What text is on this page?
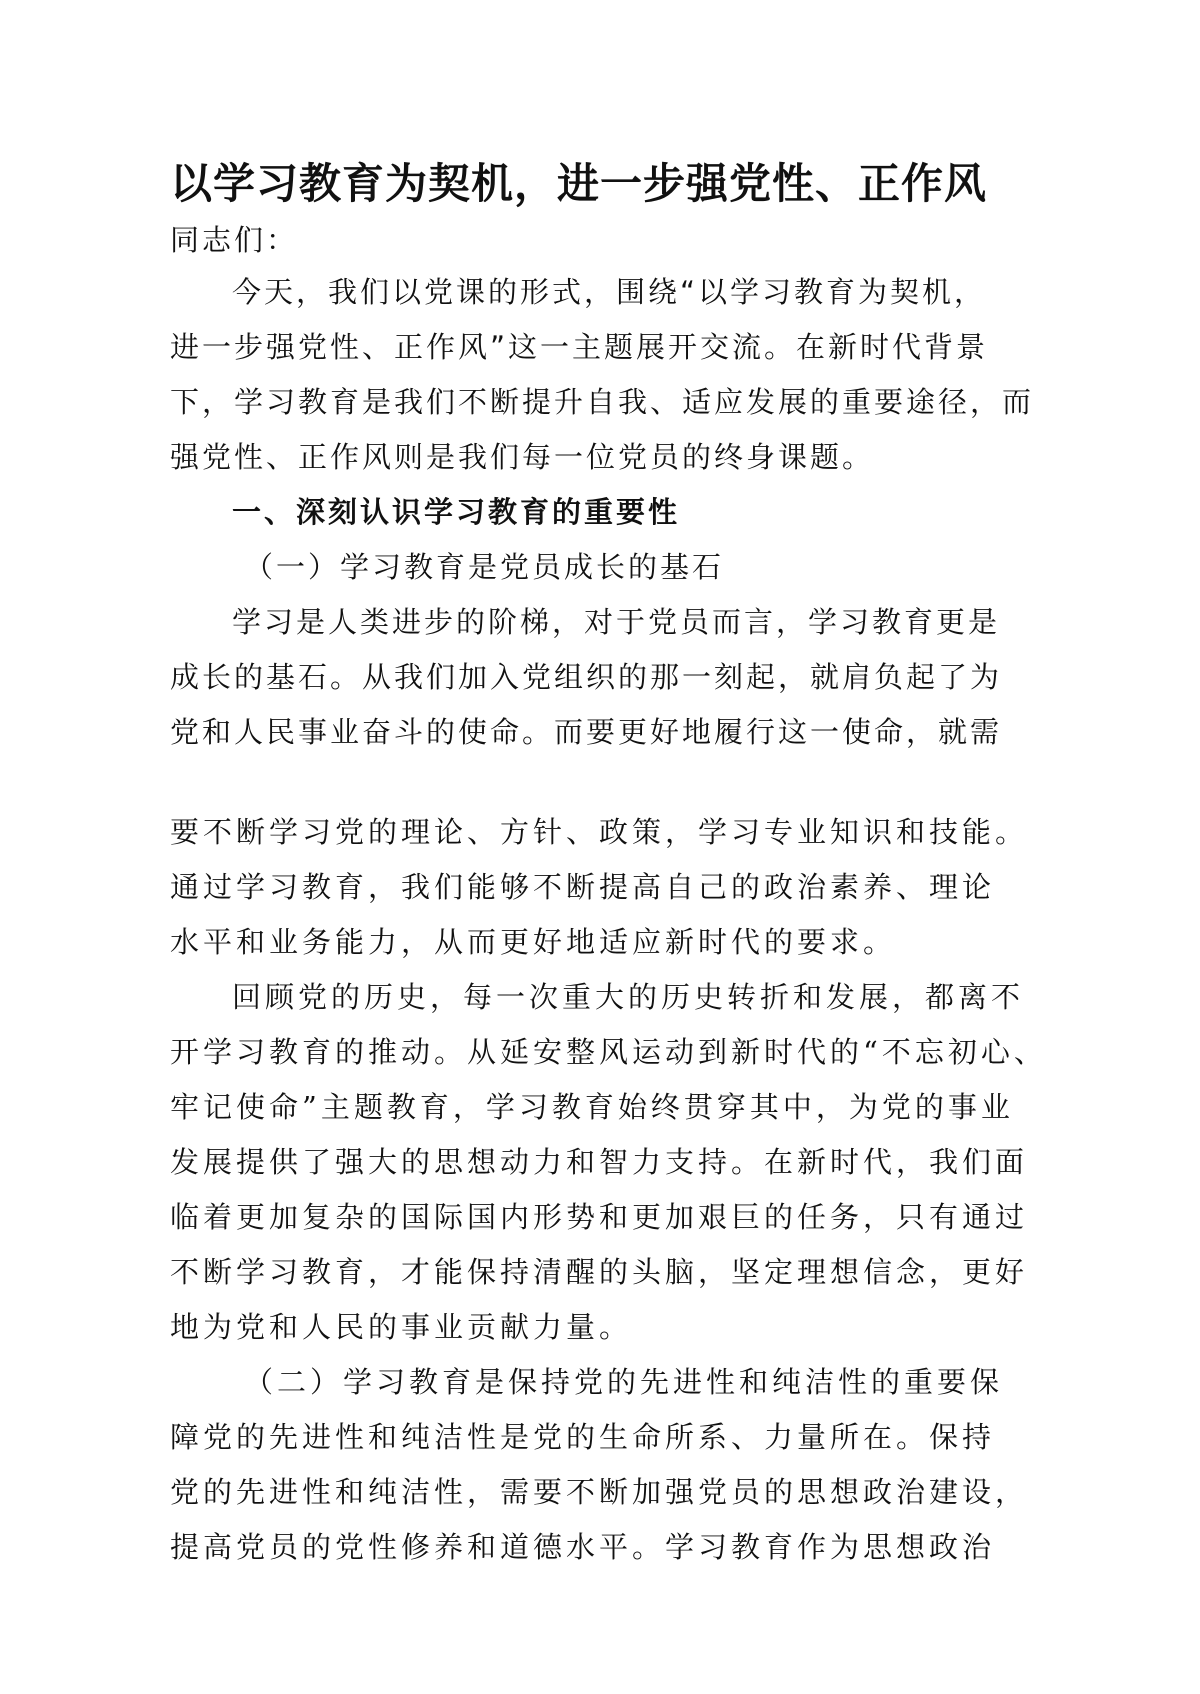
以学习教育为契机，进一步强党性、正作风
同志们：
今天，我们以党课的形式，围绕“以学习教育为契机，
进一步强党性、正作风”这一主题展开交流。在新时代背景
下，学习教育是我们不断提升自我、适应发展的重要途径，而
强党性、正作风则是我们每一位党员的终身课题。
一、深刻认识学习教育的重要性
（一）学习教育是党员成长的基石
学习是人类进步的阶梯，对于党员而言，学习教育更是
成长的基石。从我们加入党组织的那一刻起，就肩负起了为
党和人民事业奋斗的使命。而要更好地履行这一使命，就需
要不断学习党的理论、方针、政策，学习专业知识和技能。
通过学习教育，我们能够不断提高自己的政治素养、理论
水平和业务能力，从而更好地适应新时代的要求。
回顾党的历史，每一次重大的历史转折和发展，都离不
开学习教育的推动。从延安整风运动到新时代的“不忘初心、
牢记使命”主题教育，学习教育始终贯穿其中，为党的事业
发展提供了强大的思想动力和智力支持。在新时代，我们面
临着更加复杂的国际国内形势和更加艰巨的任务，只有通过
不断学习教育，才能保持清醒的头脑，坚定理想信念，更好
地为党和人民的事业贡献力量。
（二）学习教育是保持党的先进性和纯洁性的重要保
障党的先进性和纯洁性是党的生命所系、力量所在。保持
党的先进性和纯洁性，需要不断加强党员的思想政治建设，
提高党员的党性修养和道德水平。学习教育作为思想政治
